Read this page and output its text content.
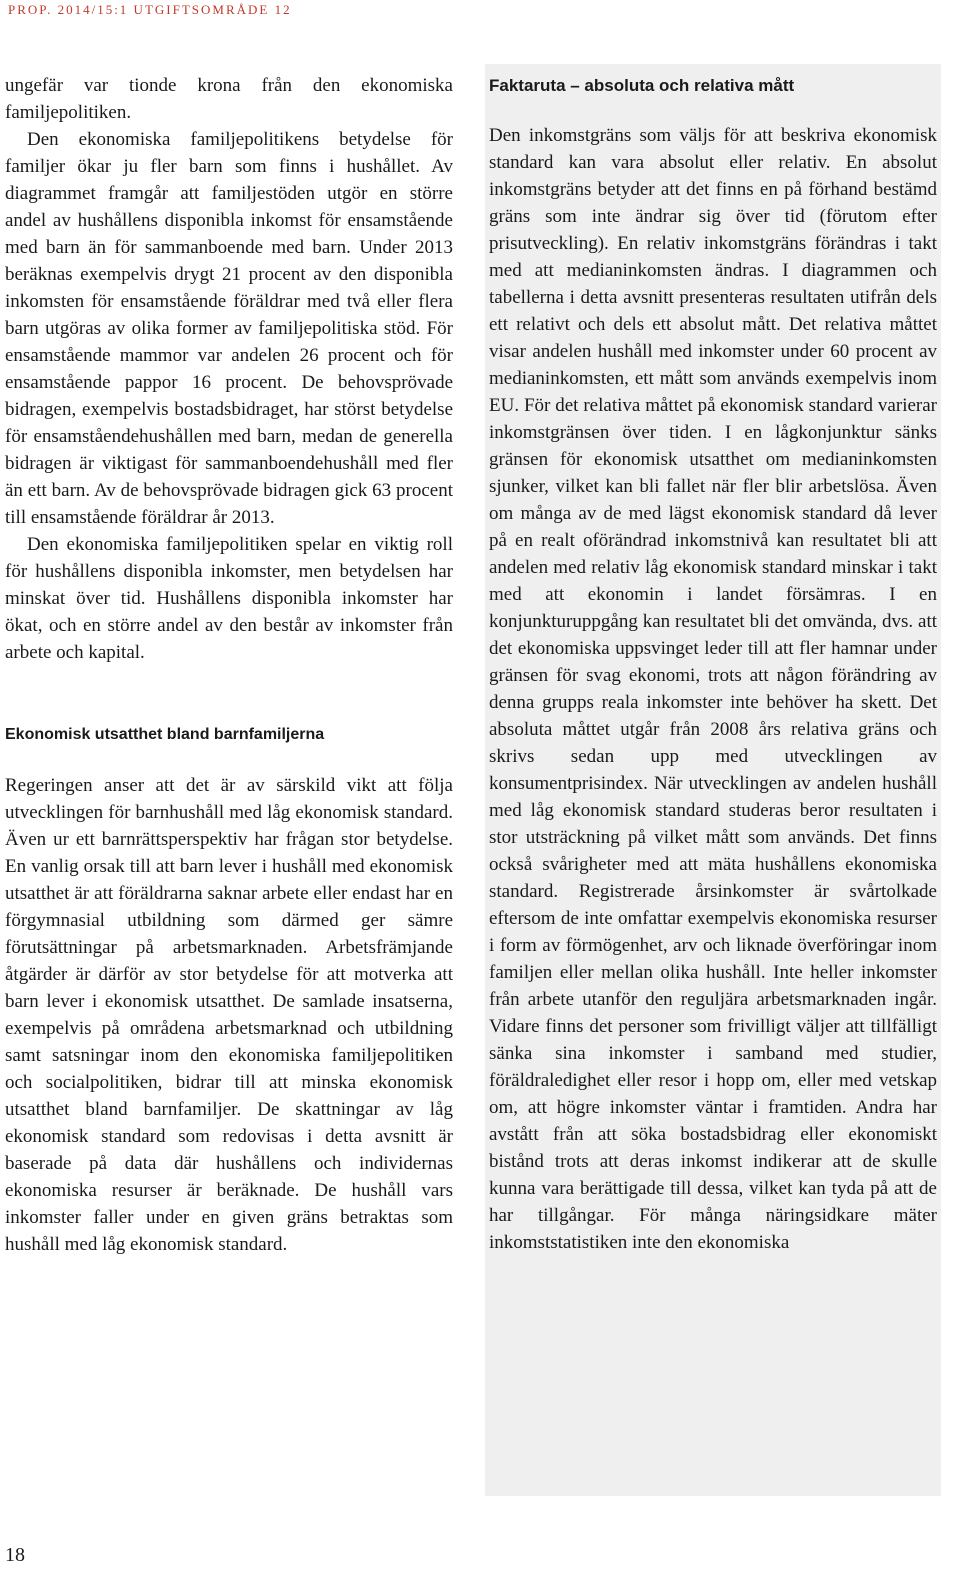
PROP. 2014/15:1 UTGIFTSOMRÅDE 12

ungefär var tionde krona från den ekonomiska familjepolitiken.

Den ekonomiska familjepolitikens betydelse för familjer ökar ju fler barn som finns i hushållet. Av diagrammet framgår att familjestöden utgör en större andel av hushållens disponibla inkomst för ensamstående med barn än för sammanboende med barn. Under 2013 beräknas exempelvis drygt 21 procent av den disponibla inkomsten för ensamstående föräldrar med två eller flera barn utgöras av olika former av familjepolitiska stöd. För ensamstående mammor var andelen 26 procent och för ensamstående pappor 16 procent. De behovsprövade bidragen, exempelvis bostadsbidraget, har störst betydelse för ensamståendehushållen med barn, medan de generella bidragen är viktigast för sammanboendehushåll med fler än ett barn. Av de behovsprövade bidragen gick 63 procent till ensamstående föräldrar år 2013.

Den ekonomiska familjepolitiken spelar en viktig roll för hushållens disponibla inkomster, men betydelsen har minskat över tid. Hushållens disponibla inkomster har ökat, och en större andel av den består av inkomster från arbete och kapital.

Ekonomisk utsatthet bland barnfamiljerna

Regeringen anser att det är av särskild vikt att följa utvecklingen för barnhushåll med låg ekonomisk standard. Även ur ett barnrättsperspektiv har frågan stor betydelse. En vanlig orsak till att barn lever i hushåll med ekonomisk utsatthet är att föräldrarna saknar arbete eller endast har en förgymnasial utbildning som därmed ger sämre förutsättningar på arbetsmarknaden. Arbetsfrämjande åtgärder är därför av stor betydelse för att motverka att barn lever i ekonomisk utsatthet. De samlade insatserna, exempelvis på områdena arbetsmarknad och utbildning samt satsningar inom den ekonomiska familjepolitiken och socialpolitiken, bidrar till att minska ekonomisk utsatthet bland barnfamiljer. De skattningar av låg ekonomisk standard som redovisas i detta avsnitt är baserade på data där hushållens och individernas ekonomiska resurser är beräknade. De hushåll vars inkomster faller under en given gräns betraktas som hushåll med låg ekonomisk standard.

Faktaruta – absoluta och relativa mått

Den inkomstgräns som väljs för att beskriva ekonomisk standard kan vara absolut eller relativ. En absolut inkomstgräns betyder att det finns en på förhand bestämd gräns som inte ändrar sig över tid (förutom efter prisutveckling). En relativ inkomstgräns förändras i takt med att medianinkomsten ändras. I diagrammen och tabellerna i detta avsnitt presenteras resultaten utifrån dels ett relativt och dels ett absolut mått. Det relativa måttet visar andelen hushåll med inkomster under 60 procent av medianinkomsten, ett mått som används exempelvis inom EU. För det relativa måttet på ekonomisk standard varierar inkomstgränsen över tiden. I en lågkonjunktur sänks gränsen för ekonomisk utsatthet om medianinkomsten sjunker, vilket kan bli fallet när fler blir arbetslösa. Även om många av de med lägst ekonomisk standard då lever på en realt oförändrad inkomstnivå kan resultatet bli att andelen med relativ låg ekonomisk standard minskar i takt med att ekonomin i landet försämras. I en konjunkturuppgång kan resultatet bli det omvända, dvs. att det ekonomiska uppsvinget leder till att fler hamnar under gränsen för svag ekonomi, trots att någon förändring av denna grupps reala inkomster inte behöver ha skett. Det absoluta måttet utgår från 2008 års relativa gräns och skrivs sedan upp med utvecklingen av konsumentprisindex. När utvecklingen av andelen hushåll med låg ekonomisk standard studeras beror resultaten i stor utsträckning på vilket mått som används. Det finns också svårigheter med att mäta hushållens ekonomiska standard. Registrerade årsinkomster är svårtolkade eftersom de inte omfattar exempelvis ekonomiska resurser i form av förmögenhet, arv och liknade överföringar inom familjen eller mellan olika hushåll. Inte heller inkomster från arbete utanför den reguljära arbetsmarknaden ingår. Vidare finns det personer som frivilligt väljer att tillfälligt sänka sina inkomster i samband med studier, föräldraledighet eller resor i hopp om, eller med vetskap om, att högre inkomster väntar i framtiden. Andra har avstått från att söka bostadsbidrag eller ekonomiskt bistånd trots att deras inkomst indikerar att de skulle kunna vara berättigade till dessa, vilket kan tyda på att de har tillgångar. För många näringsidkare mäter inkomststatistiken inte den ekonomiska

18
